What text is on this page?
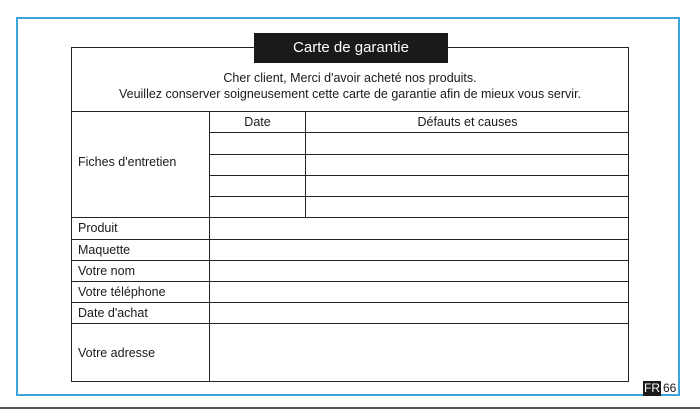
Carte de garantie
Cher client, Merci d'avoir acheté nos produits.
Veuillez conserver soigneusement cette carte de garantie afin de mieux vous servir.
Fiches d'entretien
Date	Défauts et causes
Produit
Maquette
Votre nom
Votre téléphone
Date d'achat
Votre adresse
FR 66
